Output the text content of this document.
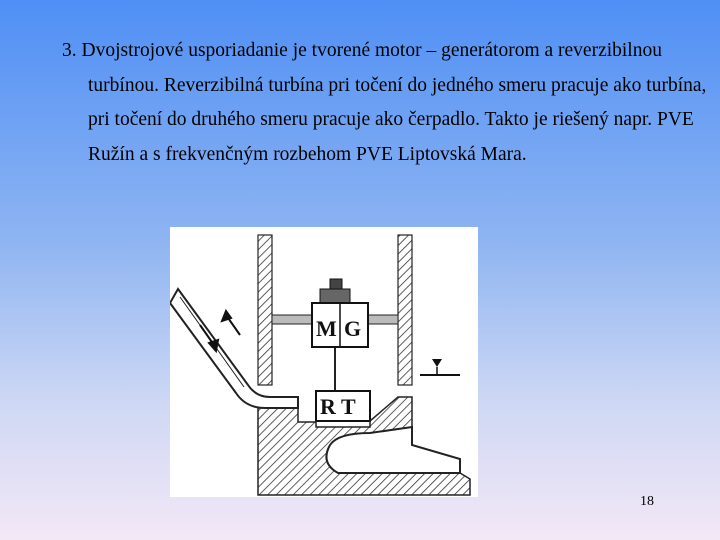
3. Dvojstrojové usporiadanie je tvorené motor – generátorom a reverzibilnou turbínou. Reverzibilná turbína pri točení do jedného smeru pracuje ako turbína, pri točení do druhého smeru pracuje ako čerpadlo. Takto je riešený napr. PVE Ružín a s frekvenčným rozbehom PVE Liptovská Mara.
M G
R T
18
